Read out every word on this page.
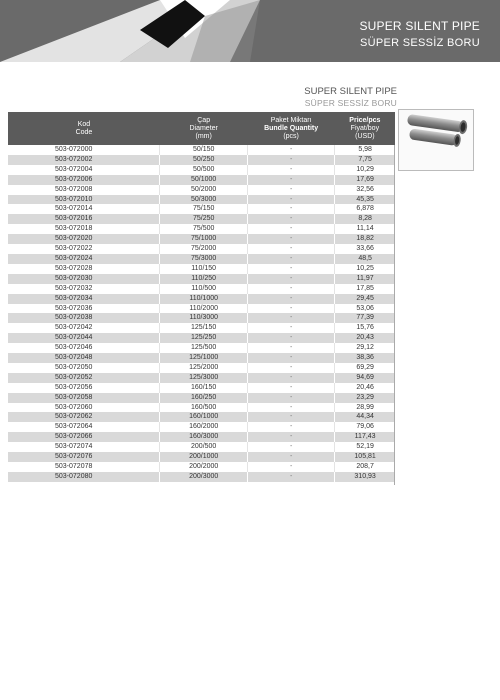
SUPER SILENT PIPE
SÜPER SESSİZ BORU
SUPER SILENT PIPE
SÜPER SESSİZ BORU
Kod
Code	Çap
Diameter
(mm)	Paket Miktarı
Bundle Quantity
(pcs)	Price/pcs
Fiyat/boy
(USD)

503-072000	50/150	-	5,98
503-072002	50/250	-	7,75
503-072004	50/500	-	10,29
503-072006	50/1000	-	17,69
503-072008	50/2000	-	32,56
503-072010	50/3000	-	45,35
503-072014	75/150	-	6,878
503-072016	75/250	-	8,28
503-072018	75/500	-	11,14
503-072020	75/1000	-	18,82
503-072022	75/2000	-	33,66
503-072024	75/3000	-	48,5
503-072028	110/150	-	10,25
503-072030	110/250	-	11,97
503-072032	110/500	-	17,85
503-072034	110/1000	-	29,45
503-072036	110/2000	-	53,06
503-072038	110/3000	-	77,39
503-072042	125/150	-	15,76
503-072044	125/250	-	20,43
503-072046	125/500	-	29,12
503-072048	125/1000	-	38,36
503-072050	125/2000	-	69,29
503-072052	125/3000	-	94,69
503-072056	160/150	-	20,46
503-072058	160/250	-	23,29
503-072060	160/500	-	28,99
503-072062	160/1000	-	44,34
503-072064	160/2000	-	79,06
503-072066	160/3000	-	117,43
503-072074	200/500	-	52,19
503-072076	200/1000	-	105,81
503-072078	200/2000	-	208,7
503-072080	200/3000	-	310,93
